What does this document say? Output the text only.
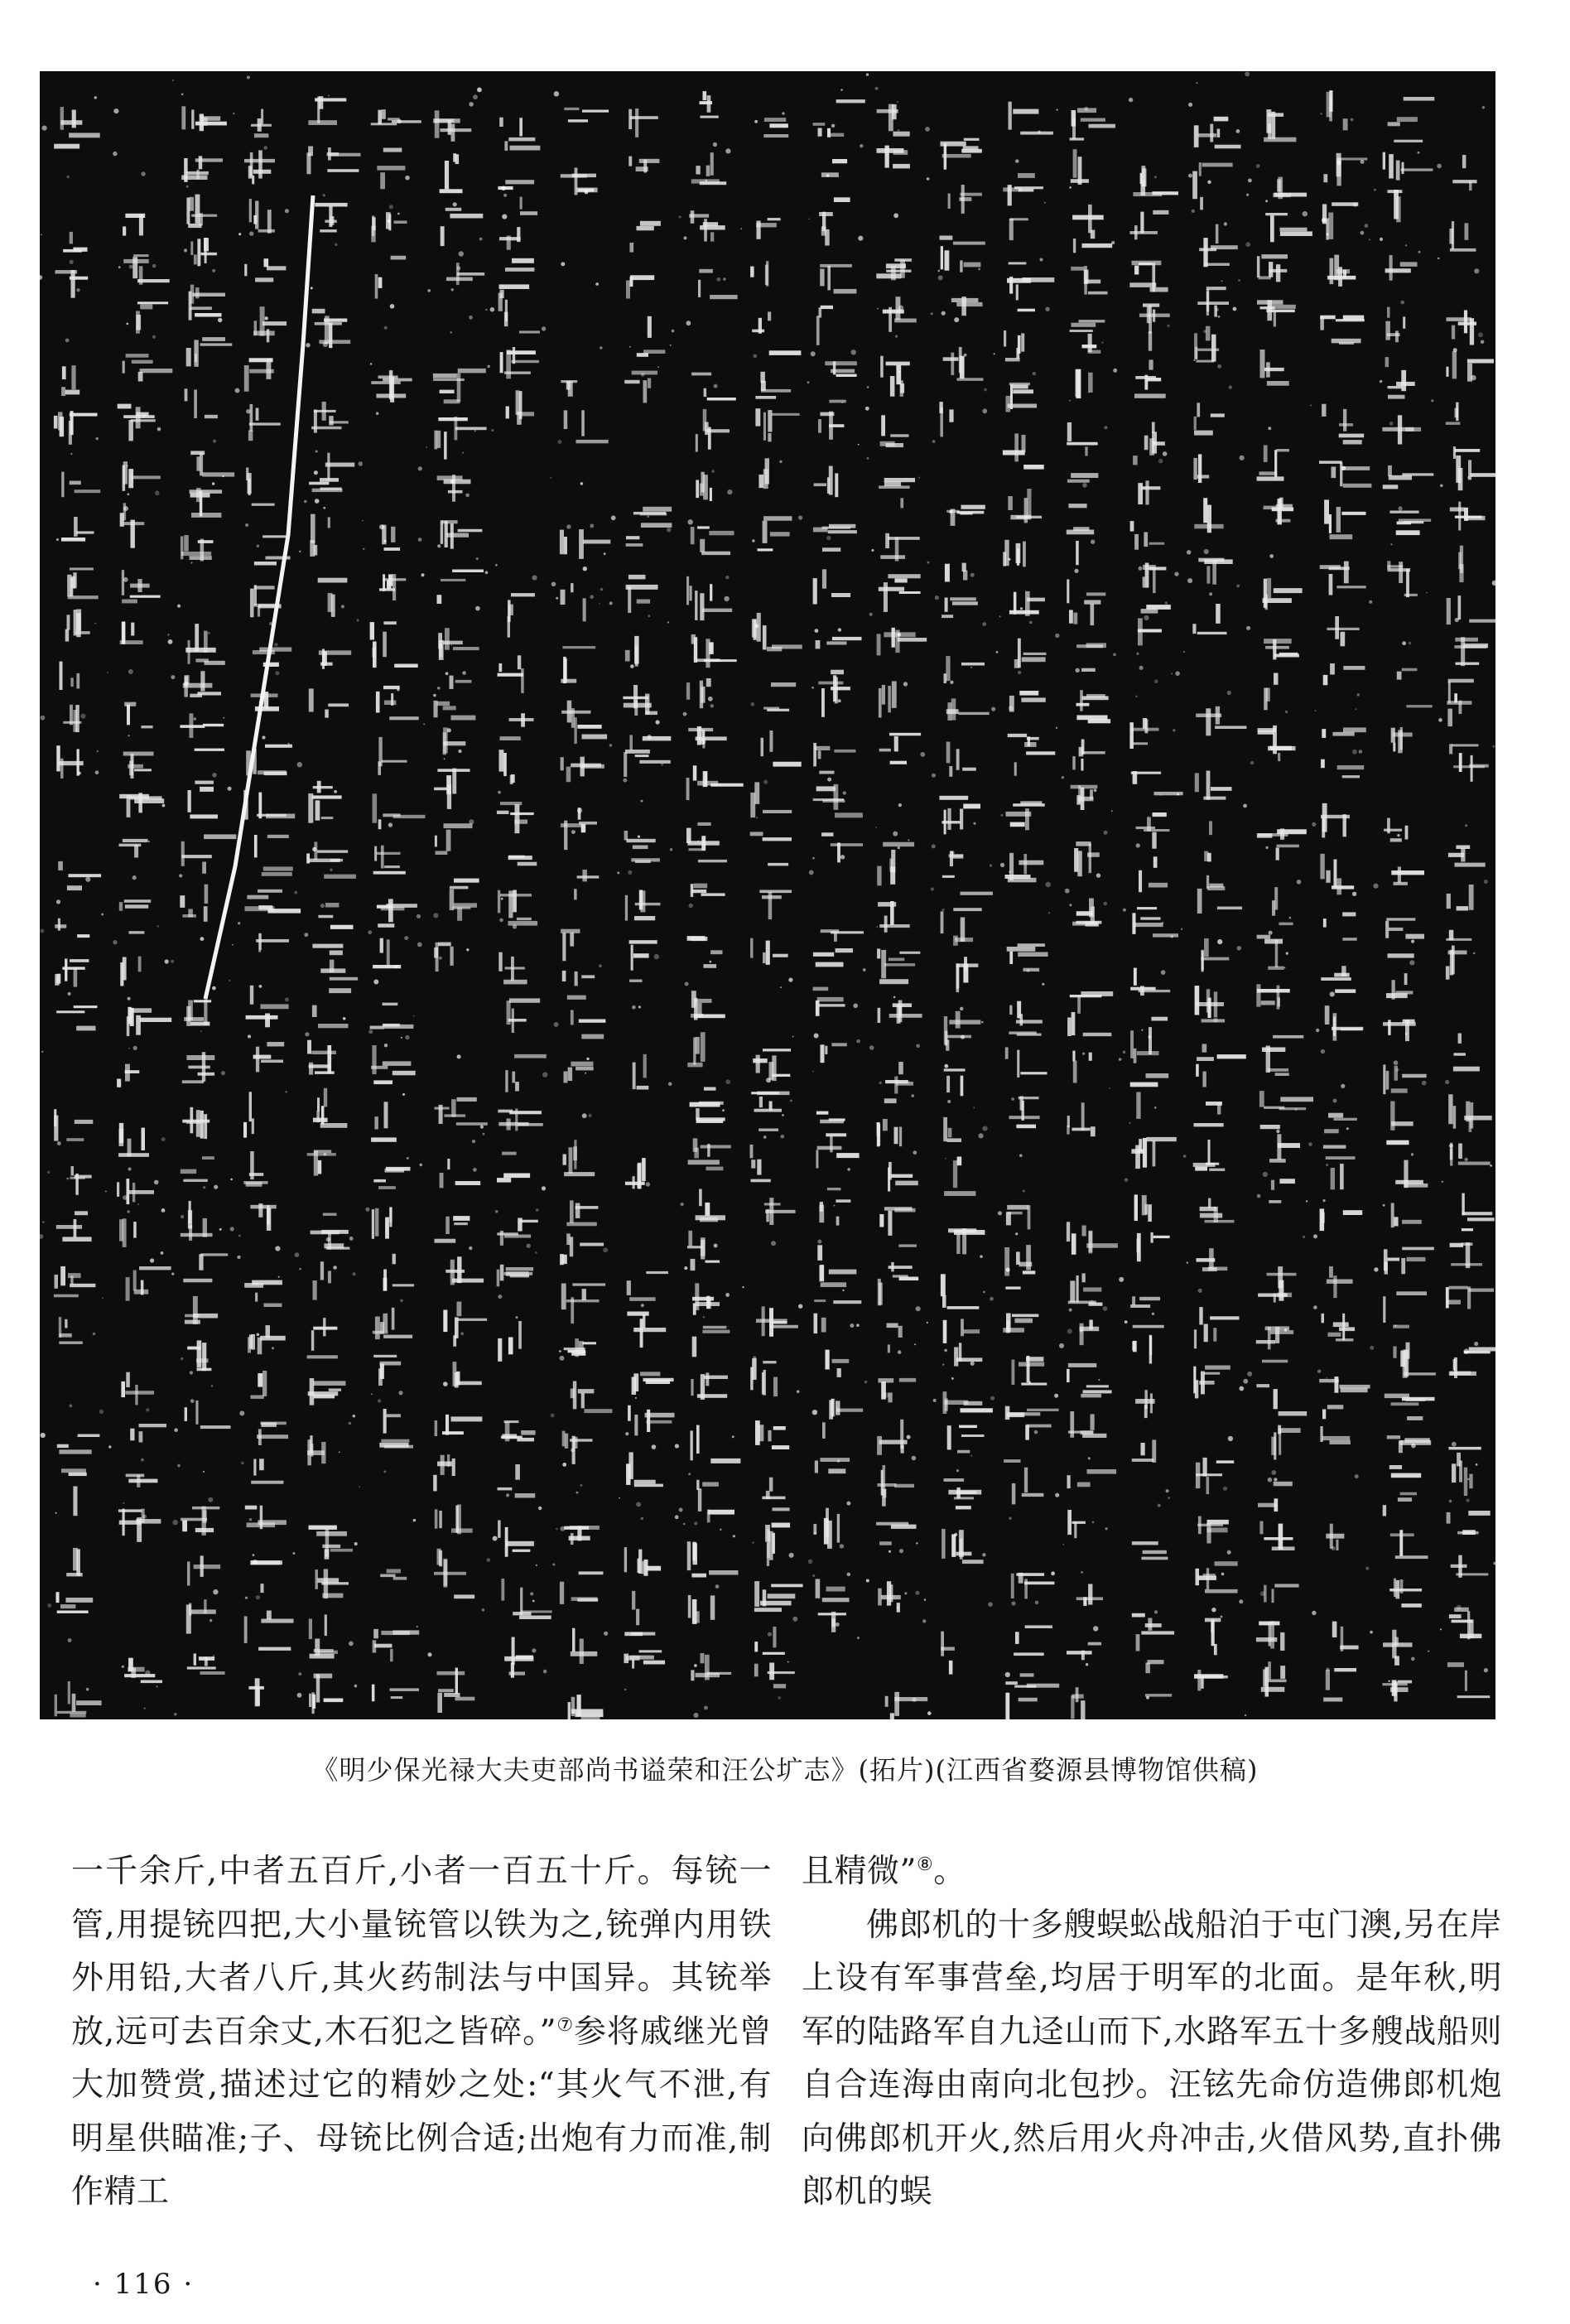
《明少保光禄大夫吏部尚书谥荣和汪公圹志》(拓片)(江西省婺源县博物馆供稿)

一千余斤,中者五百斤,小者一百五十斤。每铳一管,用提铳四把,大小量铳管以铁为之,铳弹内用铁外用铅,大者八斤,其火药制法与中国异。其铳举放,远可去百余丈,木石犯之皆碎。”⑦参将戚继光曾大加赞赏,描述过它的精妙之处:“其火气不泄,有明星供瞄准;子、母铳比例合适;出炮有力而准,制作精工

且精微”⑧。

佛郎机的十多艘蜈蚣战船泊于屯门澳,另在岸上设有军事营垒,均居于明军的北面。是年秋,明军的陆路军自九迳山而下,水路军五十多艘战船则自合连海由南向北包抄。汪铉先命仿造佛郎机炮向佛郎机开火,然后用火舟冲击,火借风势,直扑佛郎机的蜈

· 116 ·
